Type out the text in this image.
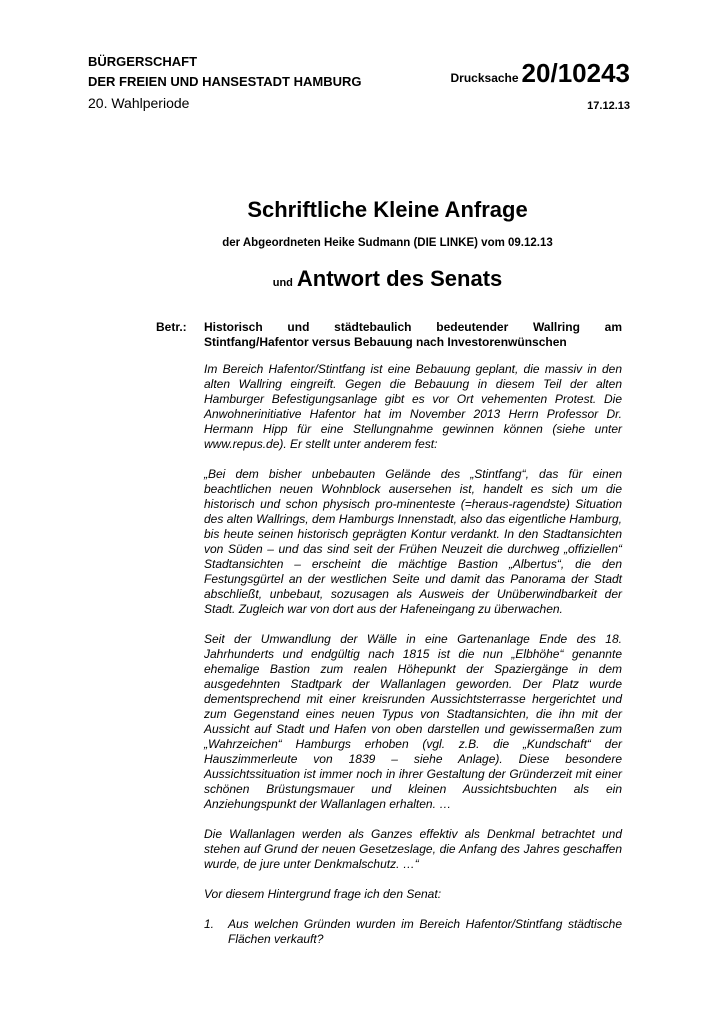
BÜRGERSCHAFT
DER FREIEN UND HANSESTADT HAMBURG
20. Wahlperiode
Drucksache 20/10243
17.12.13
Schriftliche Kleine Anfrage
der Abgeordneten Heike Sudmann (DIE LINKE) vom 09.12.13
und Antwort des Senats
Betr.: Historisch und städtebaulich bedeutender Wallring am Stintfang/Hafentor versus Bebauung nach Investorenwünschen

Im Bereich Hafentor/Stintfang ist eine Bebauung geplant, die massiv in den alten Wallring eingreift. Gegen die Bebauung in diesem Teil der alten Hamburger Befestigungsanlage gibt es vor Ort vehementen Protest. Die Anwohnerinitiative Hafentor hat im November 2013 Herrn Professor Dr. Hermann Hipp für eine Stellungnahme gewinnen können (siehe unter www.repus.de). Er stellt unter anderem fest:

„Bei dem bisher unbebauten Gelände des „Stintfang“, das für einen beachtlichen neuen Wohnblock ausersehen ist, handelt es sich um die historisch und schon physisch pro-minenteste (=heraus-ragendste) Situation des alten Wallrings, dem Hamburgs Innenstadt, also das eigentliche Hamburg, bis heute seinen historisch geprägten Kontur verdankt. In den Stadtansichten von Süden – und das sind seit der Frühen Neuzeit die durchweg „offiziellen“ Stadtansichten – erscheint die mächtige Bastion „Albertus“, die den Festungsgürtel an der westlichen Seite und damit das Panorama der Stadt abschließt, unbebaut, sozusagen als Ausweis der Unüberwindbarkeit der Stadt. Zugleich war von dort aus der Hafeneingang zu überwachen.

Seit der Umwandlung der Wälle in eine Gartenanlage Ende des 18. Jahrhunderts und endgültig nach 1815 ist die nun „Elbhöhe“ genannte ehemalige Bastion zum realen Höhepunkt der Spaziergänge in dem ausgedehnten Stadtpark der Wallanlagen geworden. Der Platz wurde dementsprechend mit einer kreisrunden Aussichtsterrasse hergerichtet und zum Gegenstand eines neuen Typus von Stadtansichten, die ihn mit der Aussicht auf Stadt und Hafen von oben darstellen und gewissermaßen zum „Wahrzeichen“ Hamburgs erhoben (vgl. z.B. die „Kundschaft“ der Hauszimmerleute von 1839 – siehe Anlage). Diese besondere Aussichtssituation ist immer noch in ihrer Gestaltung der Gründerzeit mit einer schönen Brüstungsmauer und kleinen Aussichtsbuchten als ein Anziehungspunkt der Wallanlagen erhalten. …

Die Wallanlagen werden als Ganzes effektiv als Denkmal betrachtet und stehen auf Grund der neuen Gesetzeslage, die Anfang des Jahres geschaffen wurde, de jure unter Denkmalschutz. …“

Vor diesem Hintergrund frage ich den Senat:

1.	Aus welchen Gründen wurden im Bereich Hafentor/Stintfang städtische Flächen verkauft?
